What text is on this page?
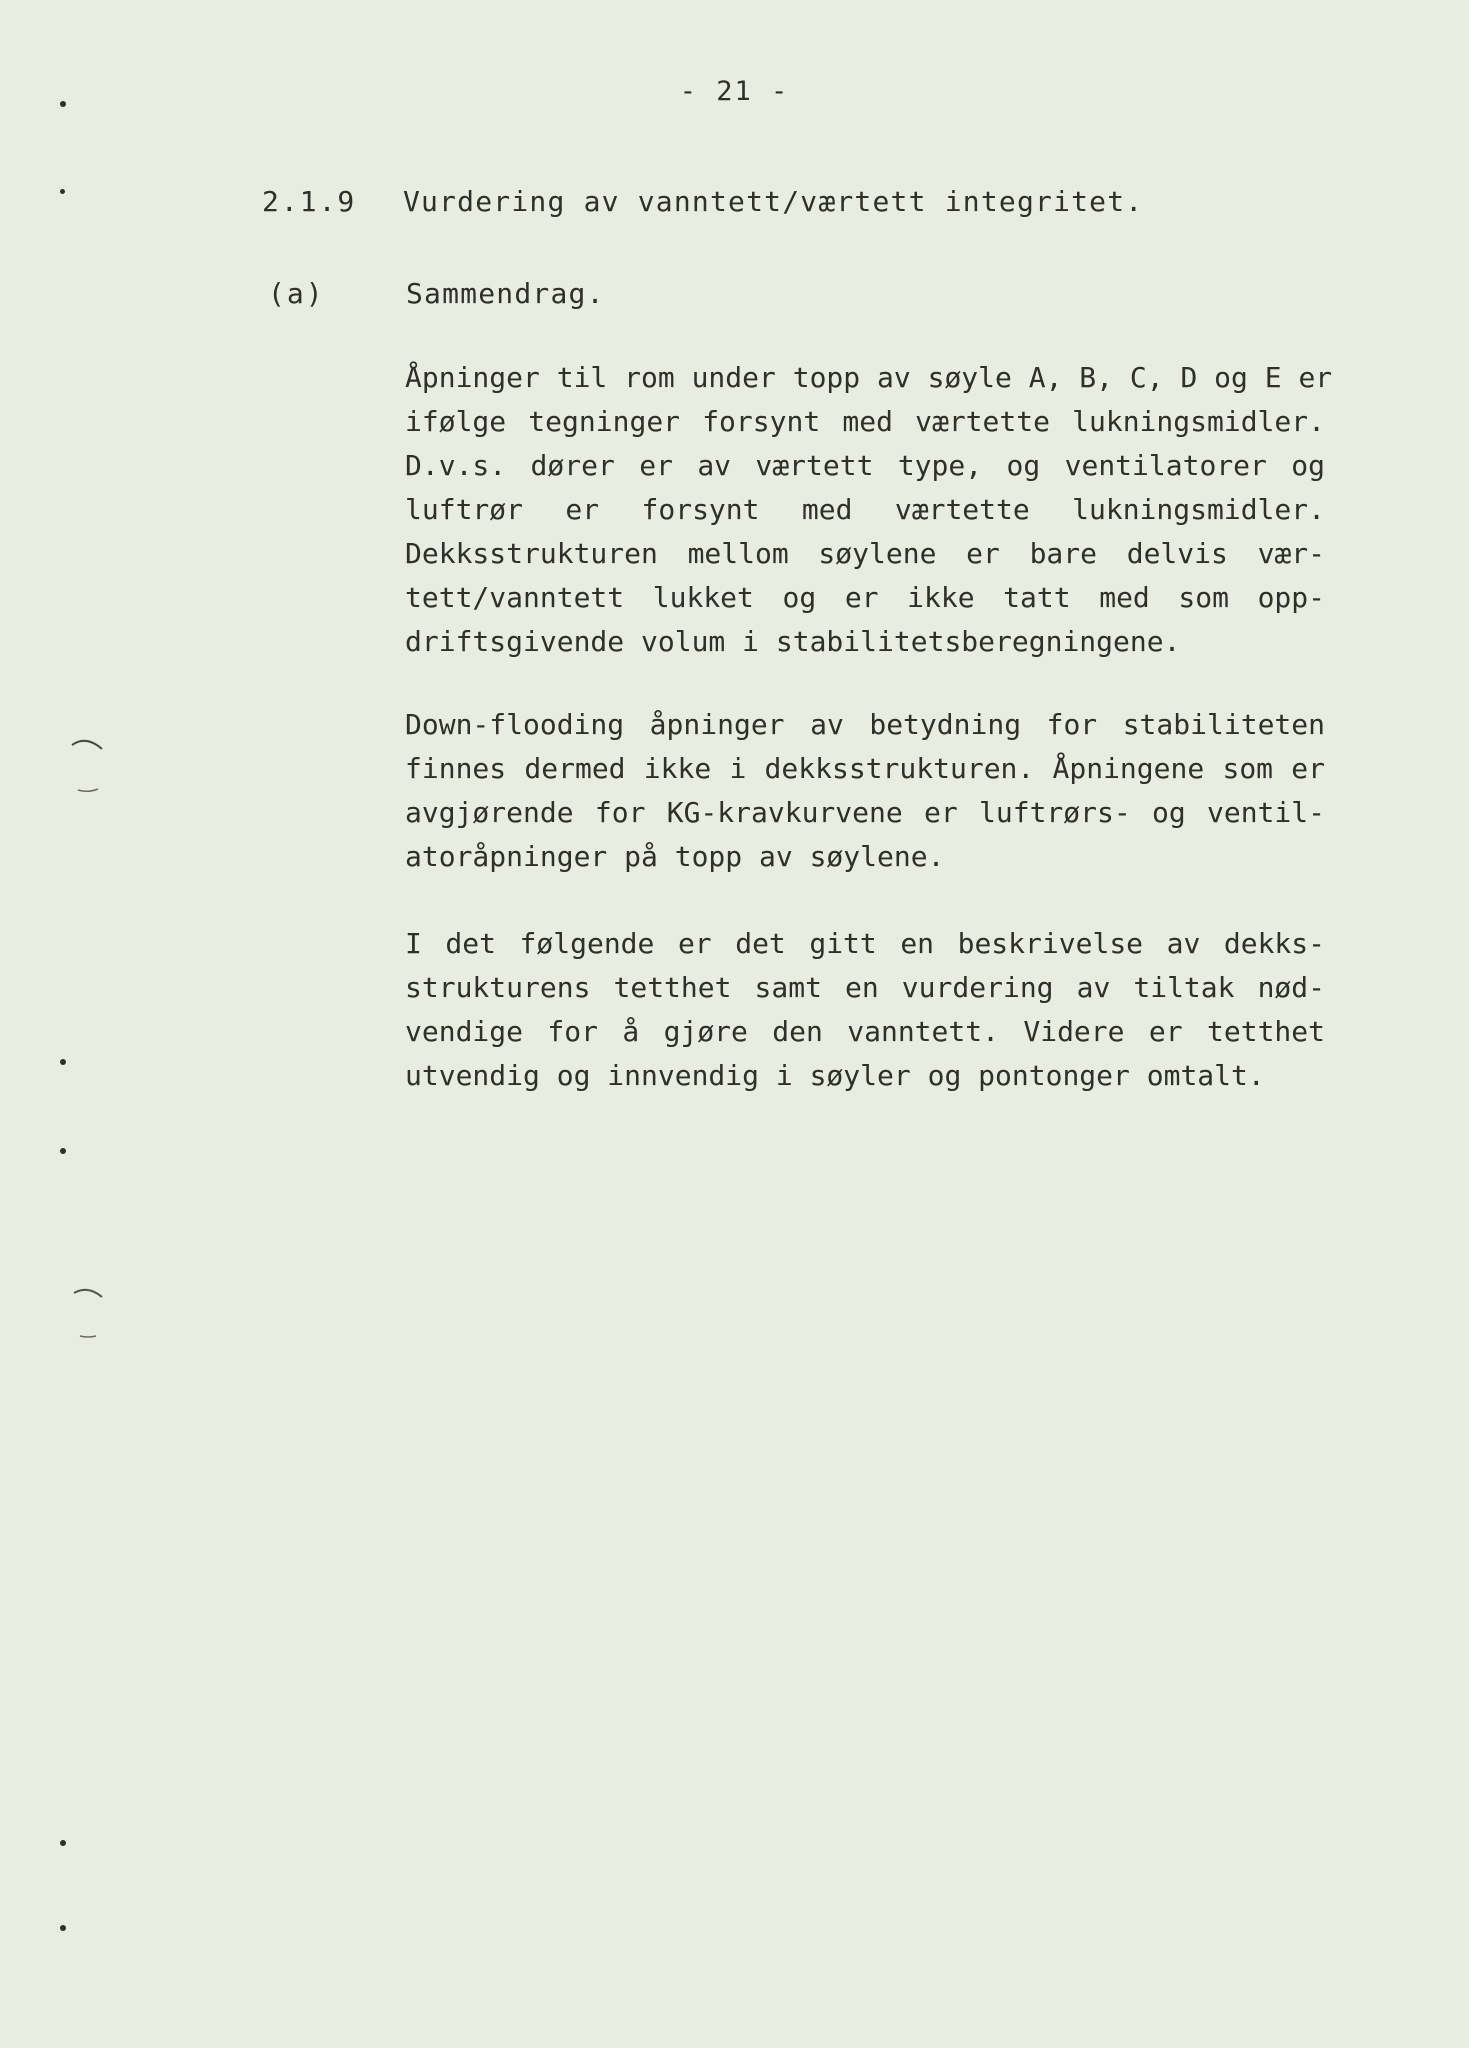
- 21 -
2.1.9 Vurdering av vanntett/værtett integritet.
(a)	Sammendrag.
Åpninger til rom under topp av søyle A, B, C, D og E er
ifølge tegninger forsynt med værtette lukningsmidler.
D.v.s. dører er av værtett type, og ventilatorer og
luftrør er forsynt med værtette lukningsmidler.
Dekksstrukturen mellom søylene er bare delvis vær-
tett/vanntett lukket og er ikke tatt med som opp-
driftsgivende volum i stabilitetsberegningene.
Down-flooding åpninger av betydning for stabiliteten
finnes dermed ikke i dekksstrukturen. Åpningene som er
avgjørende for KG-kravkurvene er luftrørs- og ventil-
atoråpninger på topp av søylene.
I det følgende er det gitt en beskrivelse av dekks-
strukturens tetthet samt en vurdering av tiltak nød-
vendige for å gjøre den vanntett. Videre er tetthet
utvendig og innvendig i søyler og pontonger omtalt.
